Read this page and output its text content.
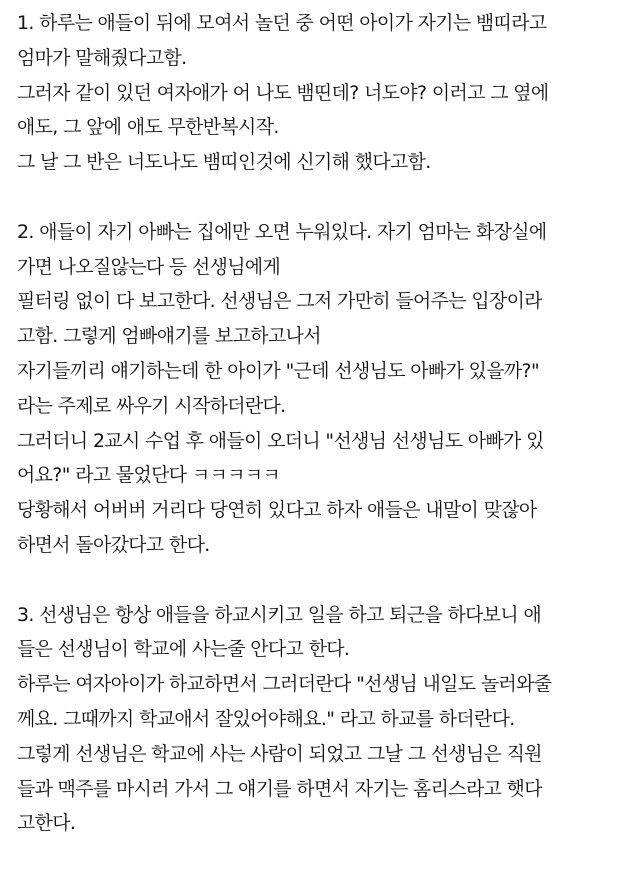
1. 하루는 애들이 뒤에 모여서 놀던 중 어떤 아이가 자기는 뱀띠라고
엄마가 말해줬다고함.
그러자 같이 있던 여자애가 어 나도 뱀띤데? 너도야? 이러고 그 옆에
애도, 그 앞에 애도 무한반복시작.
그 날 그 반은 너도나도 뱀띠인것에 신기해 했다고함.
2. 애들이 자기 아빠는 집에만 오면 누워있다. 자기 엄마는 화장실에
가면 나오질않는다 등 선생님에게
필터링 없이 다 보고한다. 선생님은 그저 가만히 들어주는 입장이라
고함. 그렇게 엄빠얘기를 보고하고나서
자기들끼리 얘기하는데 한 아이가 "근데 선생님도 아빠가 있을까?"
라는 주제로 싸우기 시작하더란다.
그러더니 2교시 수업 후 애들이 오더니 "선생님 선생님도 아빠가 있
어요?" 라고 물었단다 ㅋㅋㅋㅋㅋ
당황해서 어버버 거리다 당연히 있다고 하자 애들은 내말이 맞잖아
하면서 돌아갔다고 한다.
3. 선생님은 항상 애들을 하교시키고 일을 하고 퇴근을 하다보니 애
들은 선생님이 학교에 사는줄 안다고 한다.
하루는 여자아이가 하교하면서 그러더란다 "선생님 내일도 놀러와줄
께요. 그때까지 학교애서 잘있어야해요." 라고 하교를 하더란다.
그렇게 선생님은 학교에 사는 사람이 되었고 그날 그 선생님은 직원
들과 맥주를 마시러 가서 그 얘기를 하면서 자기는 홈리스라고 햇다
고한다.
